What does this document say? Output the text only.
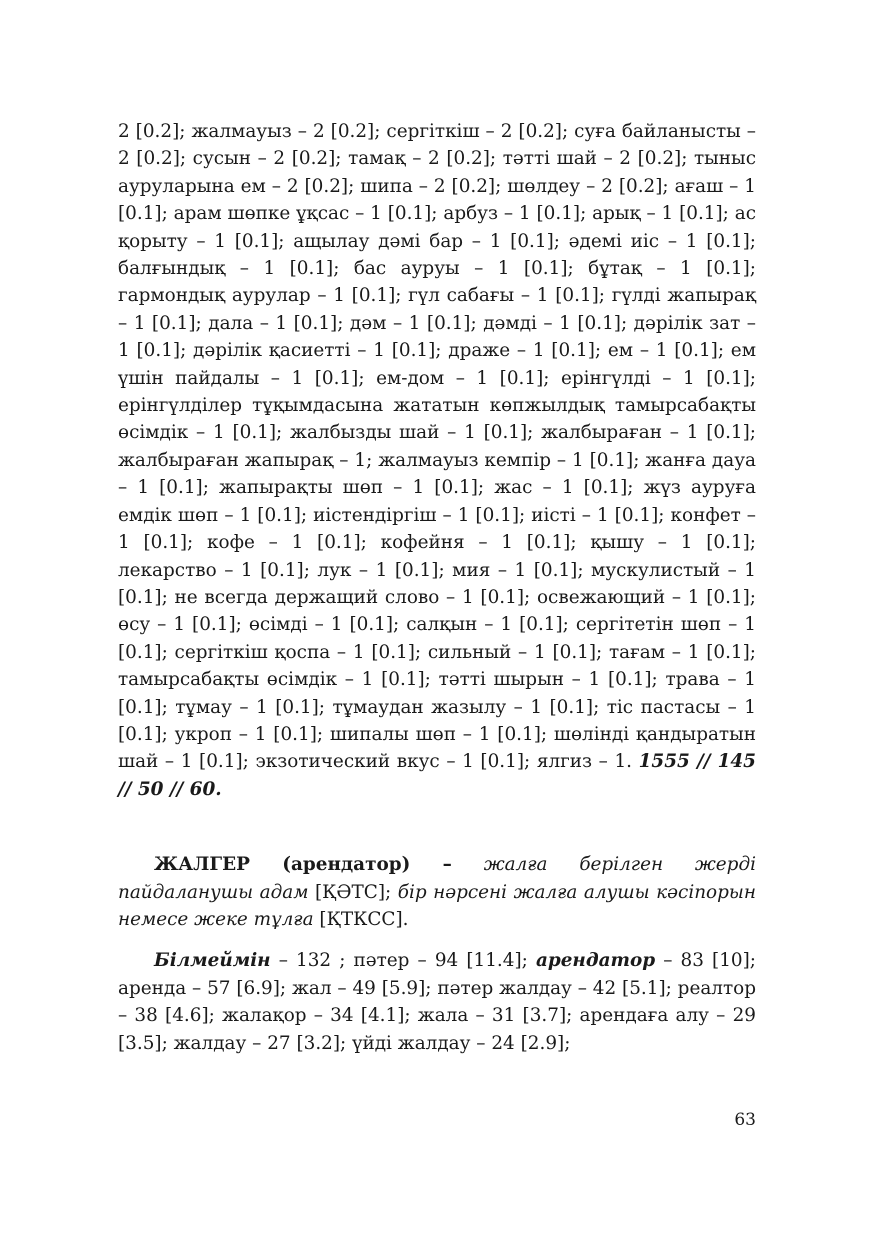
2 [0.2]; жалмауыз – 2 [0.2]; сергіткіш – 2 [0.2]; суға байланысты – 2 [0.2]; сусын – 2 [0.2]; тамақ – 2 [0.2]; тәтті шай – 2 [0.2]; тыныс ауруларына ем – 2 [0.2]; шипа – 2 [0.2]; шөлдеу – 2 [0.2]; ағаш – 1 [0.1]; арам шөпке ұқсас – 1 [0.1]; арбуз – 1 [0.1]; арық – 1 [0.1]; ас қорыту – 1 [0.1]; ащылау дәмі бар – 1 [0.1]; әдемі иіс – 1 [0.1]; балғындық – 1 [0.1]; бас ауруы – 1 [0.1]; бұтақ – 1 [0.1]; гармондық аурулар – 1 [0.1]; гүл сабағы – 1 [0.1]; гүлді жапырақ – 1 [0.1]; дала – 1 [0.1]; дәм – 1 [0.1]; дәмді – 1 [0.1]; дәрілік зат – 1 [0.1]; дәрілік қасиетті – 1 [0.1]; драже – 1 [0.1]; ем – 1 [0.1]; ем үшін пайдалы – 1 [0.1]; ем-дом – 1 [0.1]; ерінгүлді – 1 [0.1]; ерінгүлділер тұқымдасына жататын көпжылдық тамырсабақты өсімдік – 1 [0.1]; жалбызды шай – 1 [0.1]; жалбыраған – 1 [0.1]; жалбыраған жапырақ – 1; жалмауыз кемпір – 1 [0.1]; жанға дауа – 1 [0.1]; жапырақты шөп – 1 [0.1]; жас – 1 [0.1]; жүз ауруға емдік шөп – 1 [0.1]; иістендіргіш – 1 [0.1]; иісті – 1 [0.1]; конфет – 1 [0.1]; кофе – 1 [0.1]; кофейня – 1 [0.1]; қышу – 1 [0.1]; лекарство – 1 [0.1]; лук – 1 [0.1]; мия – 1 [0.1]; мускулистый – 1 [0.1]; не всегда держащий слово – 1 [0.1]; освежающий – 1 [0.1]; өсу – 1 [0.1]; өсімді – 1 [0.1]; салқын – 1 [0.1]; сергітетін шөп – 1 [0.1]; сергіткіш қоспа – 1 [0.1]; сильный – 1 [0.1]; тағам – 1 [0.1]; тамырсабақты өсімдік – 1 [0.1]; тәтті шырын – 1 [0.1]; трава – 1 [0.1]; тұмау – 1 [0.1]; тұмаудан жазылу – 1 [0.1]; тіс пастасы – 1 [0.1]; укроп – 1 [0.1]; шипалы шөп – 1 [0.1]; шөлінді қандыратын шай – 1 [0.1]; экзотический вкус – 1 [0.1]; ялгиз – 1. 1555 // 145 // 50 // 60.

ЖАЛГЕР (арендатор) – жалға берілген жерді пайдаланушы адам [ҚӘТС]; бір нәрсені жалға алушы кәсіпорын немесе жеке тұлға [ҚТКСС].

Білмеймін – 132 ; пәтер – 94 [11.4]; арендатор – 83 [10]; аренда – 57 [6.9]; жал – 49 [5.9]; пәтер жалдау – 42 [5.1]; реалтор – 38 [4.6]; жалақор – 34 [4.1]; жала – 31 [3.7]; арендаға алу – 29 [3.5]; жалдау – 27 [3.2]; үйді жалдау – 24 [2.9];

63
